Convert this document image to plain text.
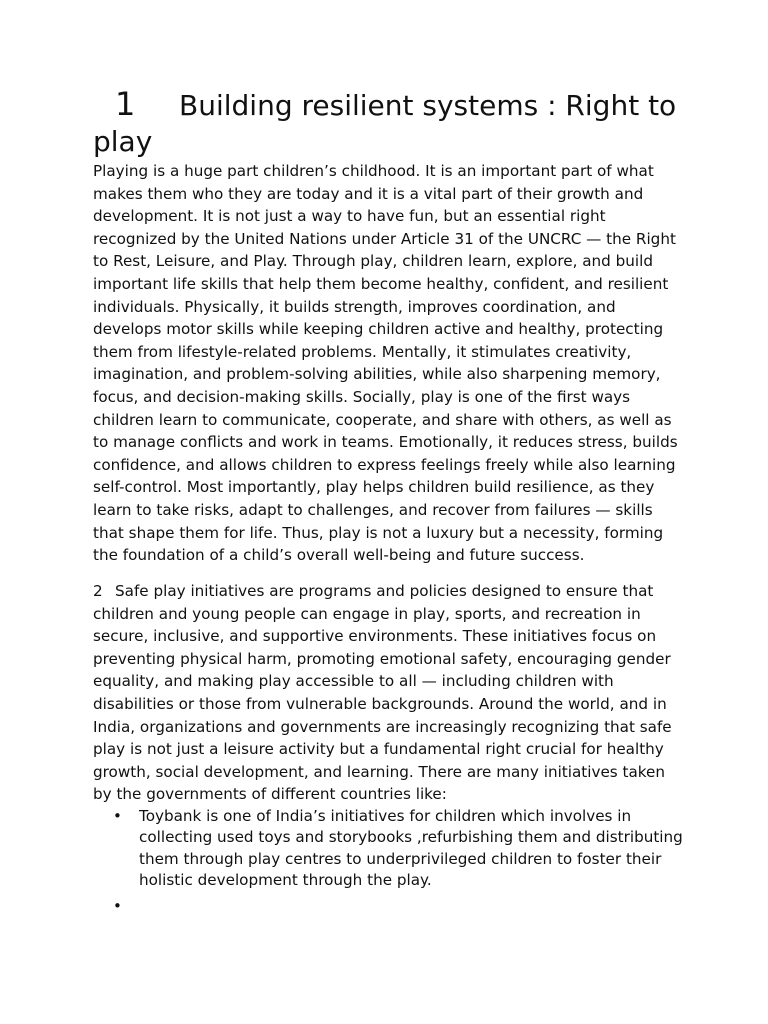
1 Building resilient systems : Right to play

Playing is a huge part children’s childhood. It is an important part of what makes them who they are today and it is a vital part of their growth and development. It is not just a way to have fun, but an essential right recognized by the United Nations under Article 31 of the UNCRC — the Right to Rest, Leisure, and Play. Through play, children learn, explore, and build important life skills that help them become healthy, confident, and resilient individuals. Physically, it builds strength, improves coordination, and develops motor skills while keeping children active and healthy, protecting them from lifestyle-related problems. Mentally, it stimulates creativity, imagination, and problem-solving abilities, while also sharpening memory, focus, and decision-making skills. Socially, play is one of the first ways children learn to communicate, cooperate, and share with others, as well as to manage conflicts and work in teams. Emotionally, it reduces stress, builds confidence, and allows children to express feelings freely while also learning self-control. Most importantly, play helps children build resilience, as they learn to take risks, adapt to challenges, and recover from failures — skills that shape them for life. Thus, play is not a luxury but a necessity, forming the foundation of a child’s overall well-being and future success.

2 Safe play initiatives are programs and policies designed to ensure that children and young people can engage in play, sports, and recreation in secure, inclusive, and supportive environments. These initiatives focus on preventing physical harm, promoting emotional safety, encouraging gender equality, and making play accessible to all — including children with disabilities or those from vulnerable backgrounds. Around the world, and in India, organizations and governments are increasingly recognizing that safe play is not just a leisure activity but a fundamental right crucial for healthy growth, social development, and learning. There are many initiatives taken by the governments of different countries like:

• Toybank is one of India’s initiatives for children which involves in collecting used toys and storybooks ,refurbishing them and distributing them through play centres to underprivileged children to foster their holistic development through the play.
•
